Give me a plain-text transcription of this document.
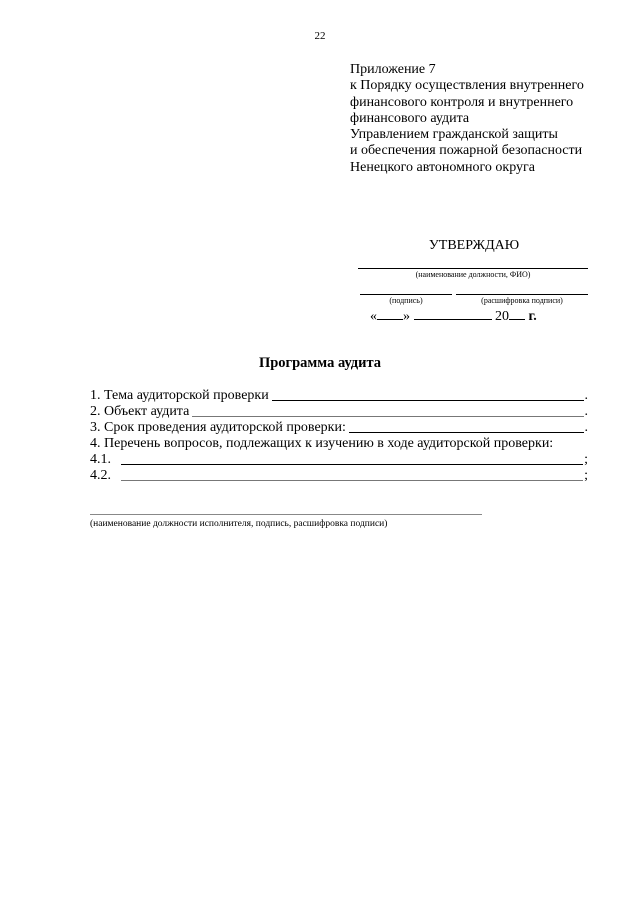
22
Приложение 7
к Порядку осуществления внутреннего
финансового контроля и внутреннего
финансового аудита
Управлением гражданской защиты
и обеспечения пожарной безопасности
Ненецкого автономного округа
УТВЕРЖДАЮ
(наименование должности, ФИО)
(подпись)	(расшифровка подписи)
« »	20 г.
Программа аудита
1. Тема аудиторской проверки	.
2. Объект аудита	.
3. Срок проведения аудиторской проверки:	.
4. Перечень вопросов, подлежащих к изучению в ходе аудиторской проверки:
4.1.	;
4.2.	;
(наименование должности исполнителя, подпись, расшифровка подписи)
